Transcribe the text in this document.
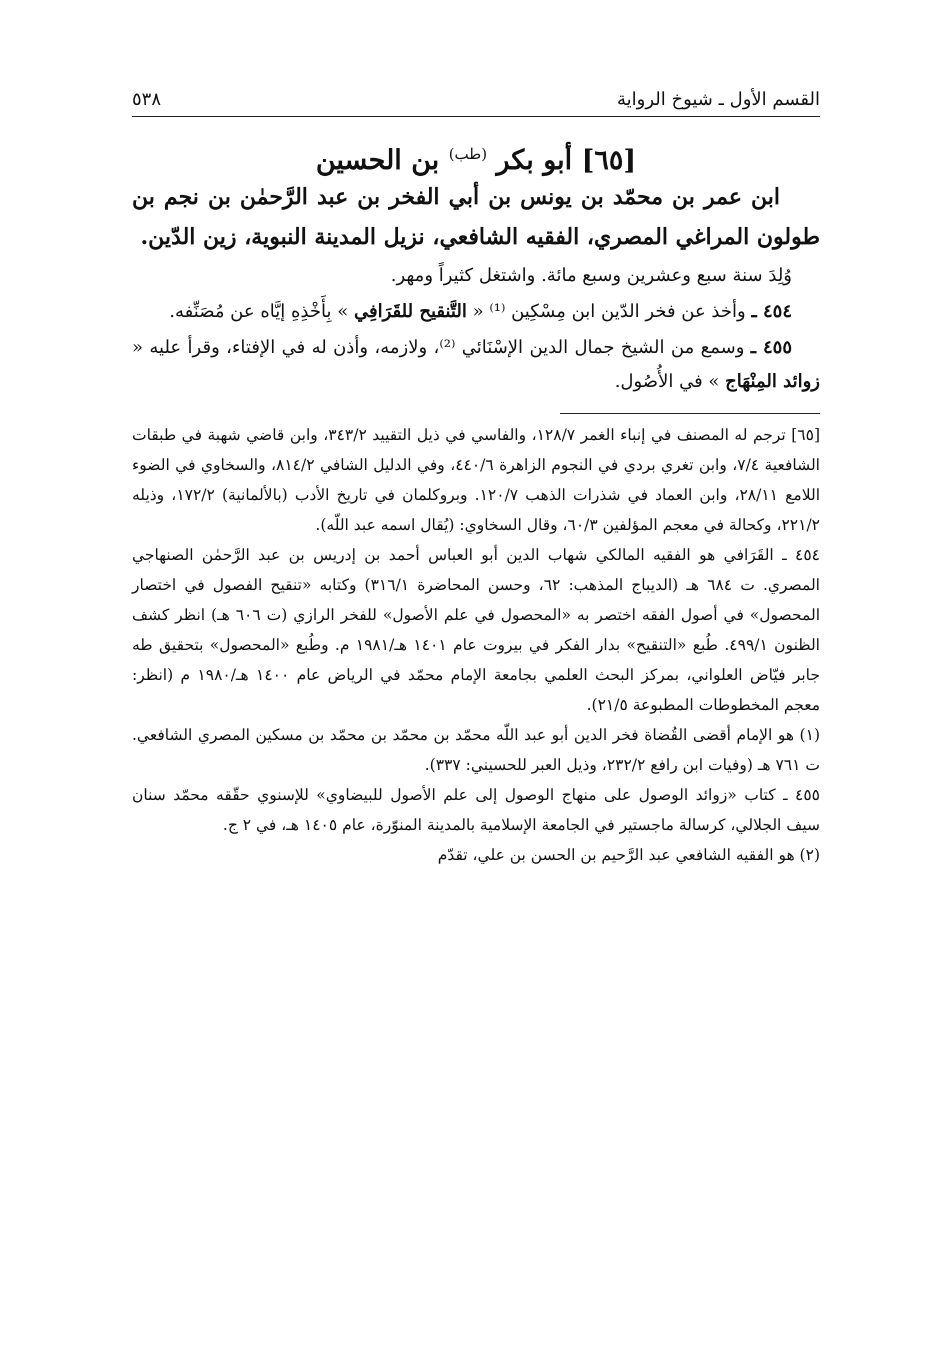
القسم الأول ـ شيوخ الرواية
٥٣٨
[٦٥] أبو بكر $^{(طب)}$ بن الحسين

ابن عمر بن محمّد بن يونس بن أبي الفخر بن عبد الرَّحمٰن بن نجم بن طولون المراغي المصري، الفقيه الشافعي، نزيل المدينة النبوية، زين الدّين.

وُلِدَ سنة سبع وعشرين وسبع مائة. واشتغل كثيراً ومهر.

٤٥٤ ـ وأخذ عن فخر الدّين ابن مِسْكِين ⁽¹⁾ « التَّنقيح للقَرَافِي » بِأَخْذِهِ إيَّاه عن مُصَنِّفه.

٤٥٥ ـ وسمع من الشيخ جمال الدين الإسْنَائي ⁽²⁾، ولازمه، وأذن له في الإفتاء، وقرأ عليه « زوائد المِنْهَاج » في الأُصُول.

[٦٥] ترجم له المصنف في إنباء الغمر ١٢٨/٧، والفاسي في ذيل التقييد ٣٤٣/٢، وابن قاضي شهبة في طبقات الشافعية ٧/٤، وابن تغري بردي في النجوم الزاهرة ٤٤٠/٦، وفي الدليل الشافي ٨١٤/٢، والسخاوي في الضوء اللامع ٢٨/١١، وابن العماد في شذرات الذهب ١٢٠/٧. وبروكلمان في تاريخ الأدب (بالألمانية) ١٧٢/٢، وذيله ٢٢١/٢، وكحالة في معجم المؤلفين ٦٠/٣، وقال السخاوي: (يُقال اسمه عبد اللّه).

٤٥٤ ـ القَرَافي هو الفقيه المالكي شهاب الدين أبو العباس أحمد بن إدريس بن عبد الرَّحمٰن الصنهاجي المصري. ت ٦٨٤ هـ (الديباج المذهب: ٦٢، وحسن المحاضرة ٣١٦/١) وكتابه «تنقيح الفصول في اختصار المحصول» في أصول الفقه اختصر به «المحصول في علم الأصول» للفخر الرازي (ت ٦٠٦ هـ) انظر كشف الظنون ٤٩٩/١. طُبع «التنقيح» بدار الفكر في بيروت عام ١٤٠١ هـ/١٩٨١ م. وطُبع «المحصول» بتحقيق طه جابر فيّاض العلواني، بمركز البحث العلمي بجامعة الإمام محمّد في الرياض عام ١٤٠٠ هـ/١٩٨٠ م (انظر: معجم المخطوطات المطبوعة ٢١/٥).

(١) هو الإمام أقضى القُضاة فخر الدين أبو عبد اللّه محمّد بن محمّد بن محمّد بن مسكين المصري الشافعي. ت ٧٦١ هـ (وفيات ابن رافع ٢٣٢/٢، وذيل العبر للحسيني: ٣٣٧).

٤٥٥ ـ كتاب «زوائد الوصول على منهاج الوصول إلى علم الأصول للبيضاوي» للإسنوي حقّقه محمّد سنان سيف الجلالي، كرسالة ماجستير في الجامعة الإسلامية بالمدينة المنوّرة، عام ١٤٠٥ هـ، في ٢ ج.

(٢) هو الفقيه الشافعي عبد الرَّحيم بن الحسن بن علي، تقدّم
